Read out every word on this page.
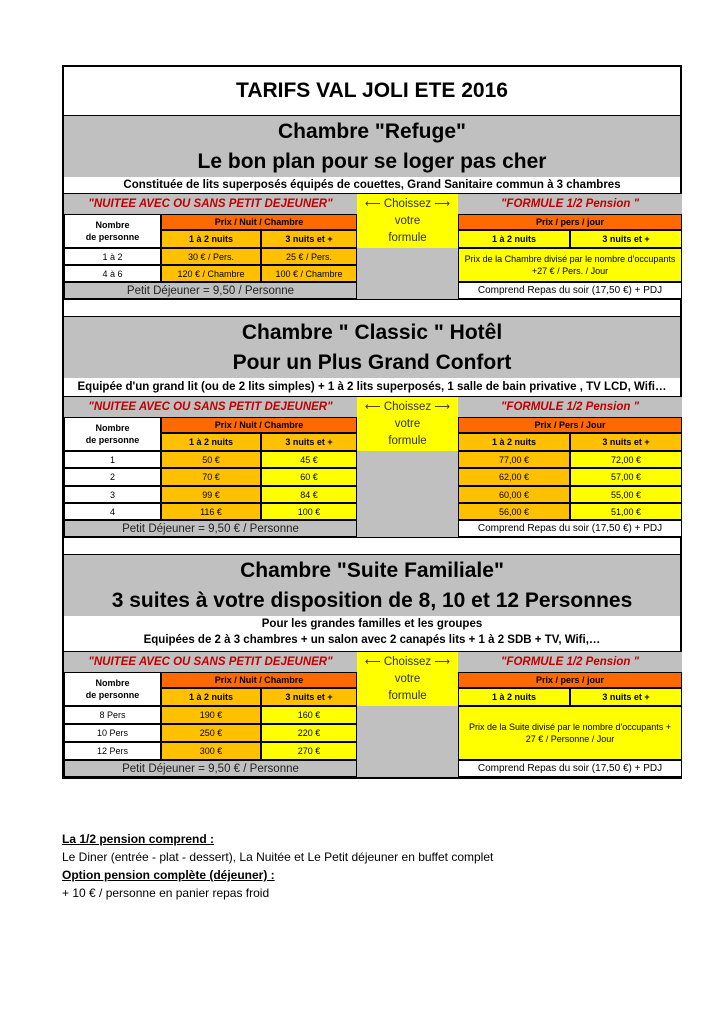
TARIFS VAL JOLI ETE 2016
Chambre "Refuge"
Le bon plan pour se loger pas cher
Constituée de lits superposés équipés de couettes, Grand Sanitaire commun à 3 chambres
"NUITEE AVEC OU SANS PETIT DEJEUNER"	⟵ Choissez ⟶
votre
formule
"FORMULE 1/2 Pension "
Nombre
de personne
Prix / Nuit / Chambre	Prix / pers / jour
1 à 2 nuits	3 nuits et +	1 à 2 nuits	3 nuits et +
1 à 2	30 € / Pers.	25 € / Pers.
4 à 6	120 € / Chambre	100 € / Chambre
Prix de la Chambre divisé par le nombre d'occupants +27 € / Pers. / Jour
Petit Déjeuner = 9,50 / Personne	Comprend Repas du soir (17,50 €) + PDJ
Chambre " Classic " Hotêl
Pour un Plus Grand Confort
Equipée d'un grand lit (ou de 2 lits simples) + 1 à 2 lits superposés, 1 salle de bain privative , TV LCD, Wifi…
"NUITEE AVEC OU SANS PETIT DEJEUNER"	⟵ Choissez ⟶
votre
formule
"FORMULE 1/2 Pension "
Nombre
de personne
Prix / Nuit / Chambre	Prix / Pers / Jour
1 à 2 nuits	3 nuits et +	1 à 2 nuits	3 nuits et +
1	50 €	45 €	77,00 €	72,00 €
2	70 €	60 €	62,00 €	57,00 €
3	99 €	84 €	60,00 €	55,00 €
4	116 €	100 €	56,00 €	51,00 €
Petit Déjeuner = 9,50 € / Personne	Comprend Repas du soir (17,50 €) + PDJ
Chambre "Suite Familiale"
3 suites à votre disposition de 8, 10 et 12 Personnes
Pour les grandes familles et les groupes
Equipées de 2 à 3 chambres + un salon avec 2 canapés lits + 1 à 2 SDB + TV, Wifi,…
"NUITEE AVEC OU SANS PETIT DEJEUNER"	⟵ Choissez ⟶
votre
formule
"FORMULE 1/2 Pension "
Nombre
de personne
Prix / Nuit / Chambre	Prix / pers / jour
1 à 2 nuits	3 nuits et +	1 à 2 nuits	3 nuits et +
8 Pers	190 €	160 €
10 Pers	250 €	220 €
12 Pers	300 €	270 €
Prix de la Suite divisé par le nombre d'occupants + 27 € / Personne / Jour
Petit Déjeuner = 9,50 € / Personne	Comprend Repas du soir (17,50 €) + PDJ
La 1/2 pension comprend :
Le Diner (entrée - plat - dessert), La Nuitée et Le Petit déjeuner en buffet complet
Option pension complète (déjeuner) :
+ 10 € / personne en panier repas froid
